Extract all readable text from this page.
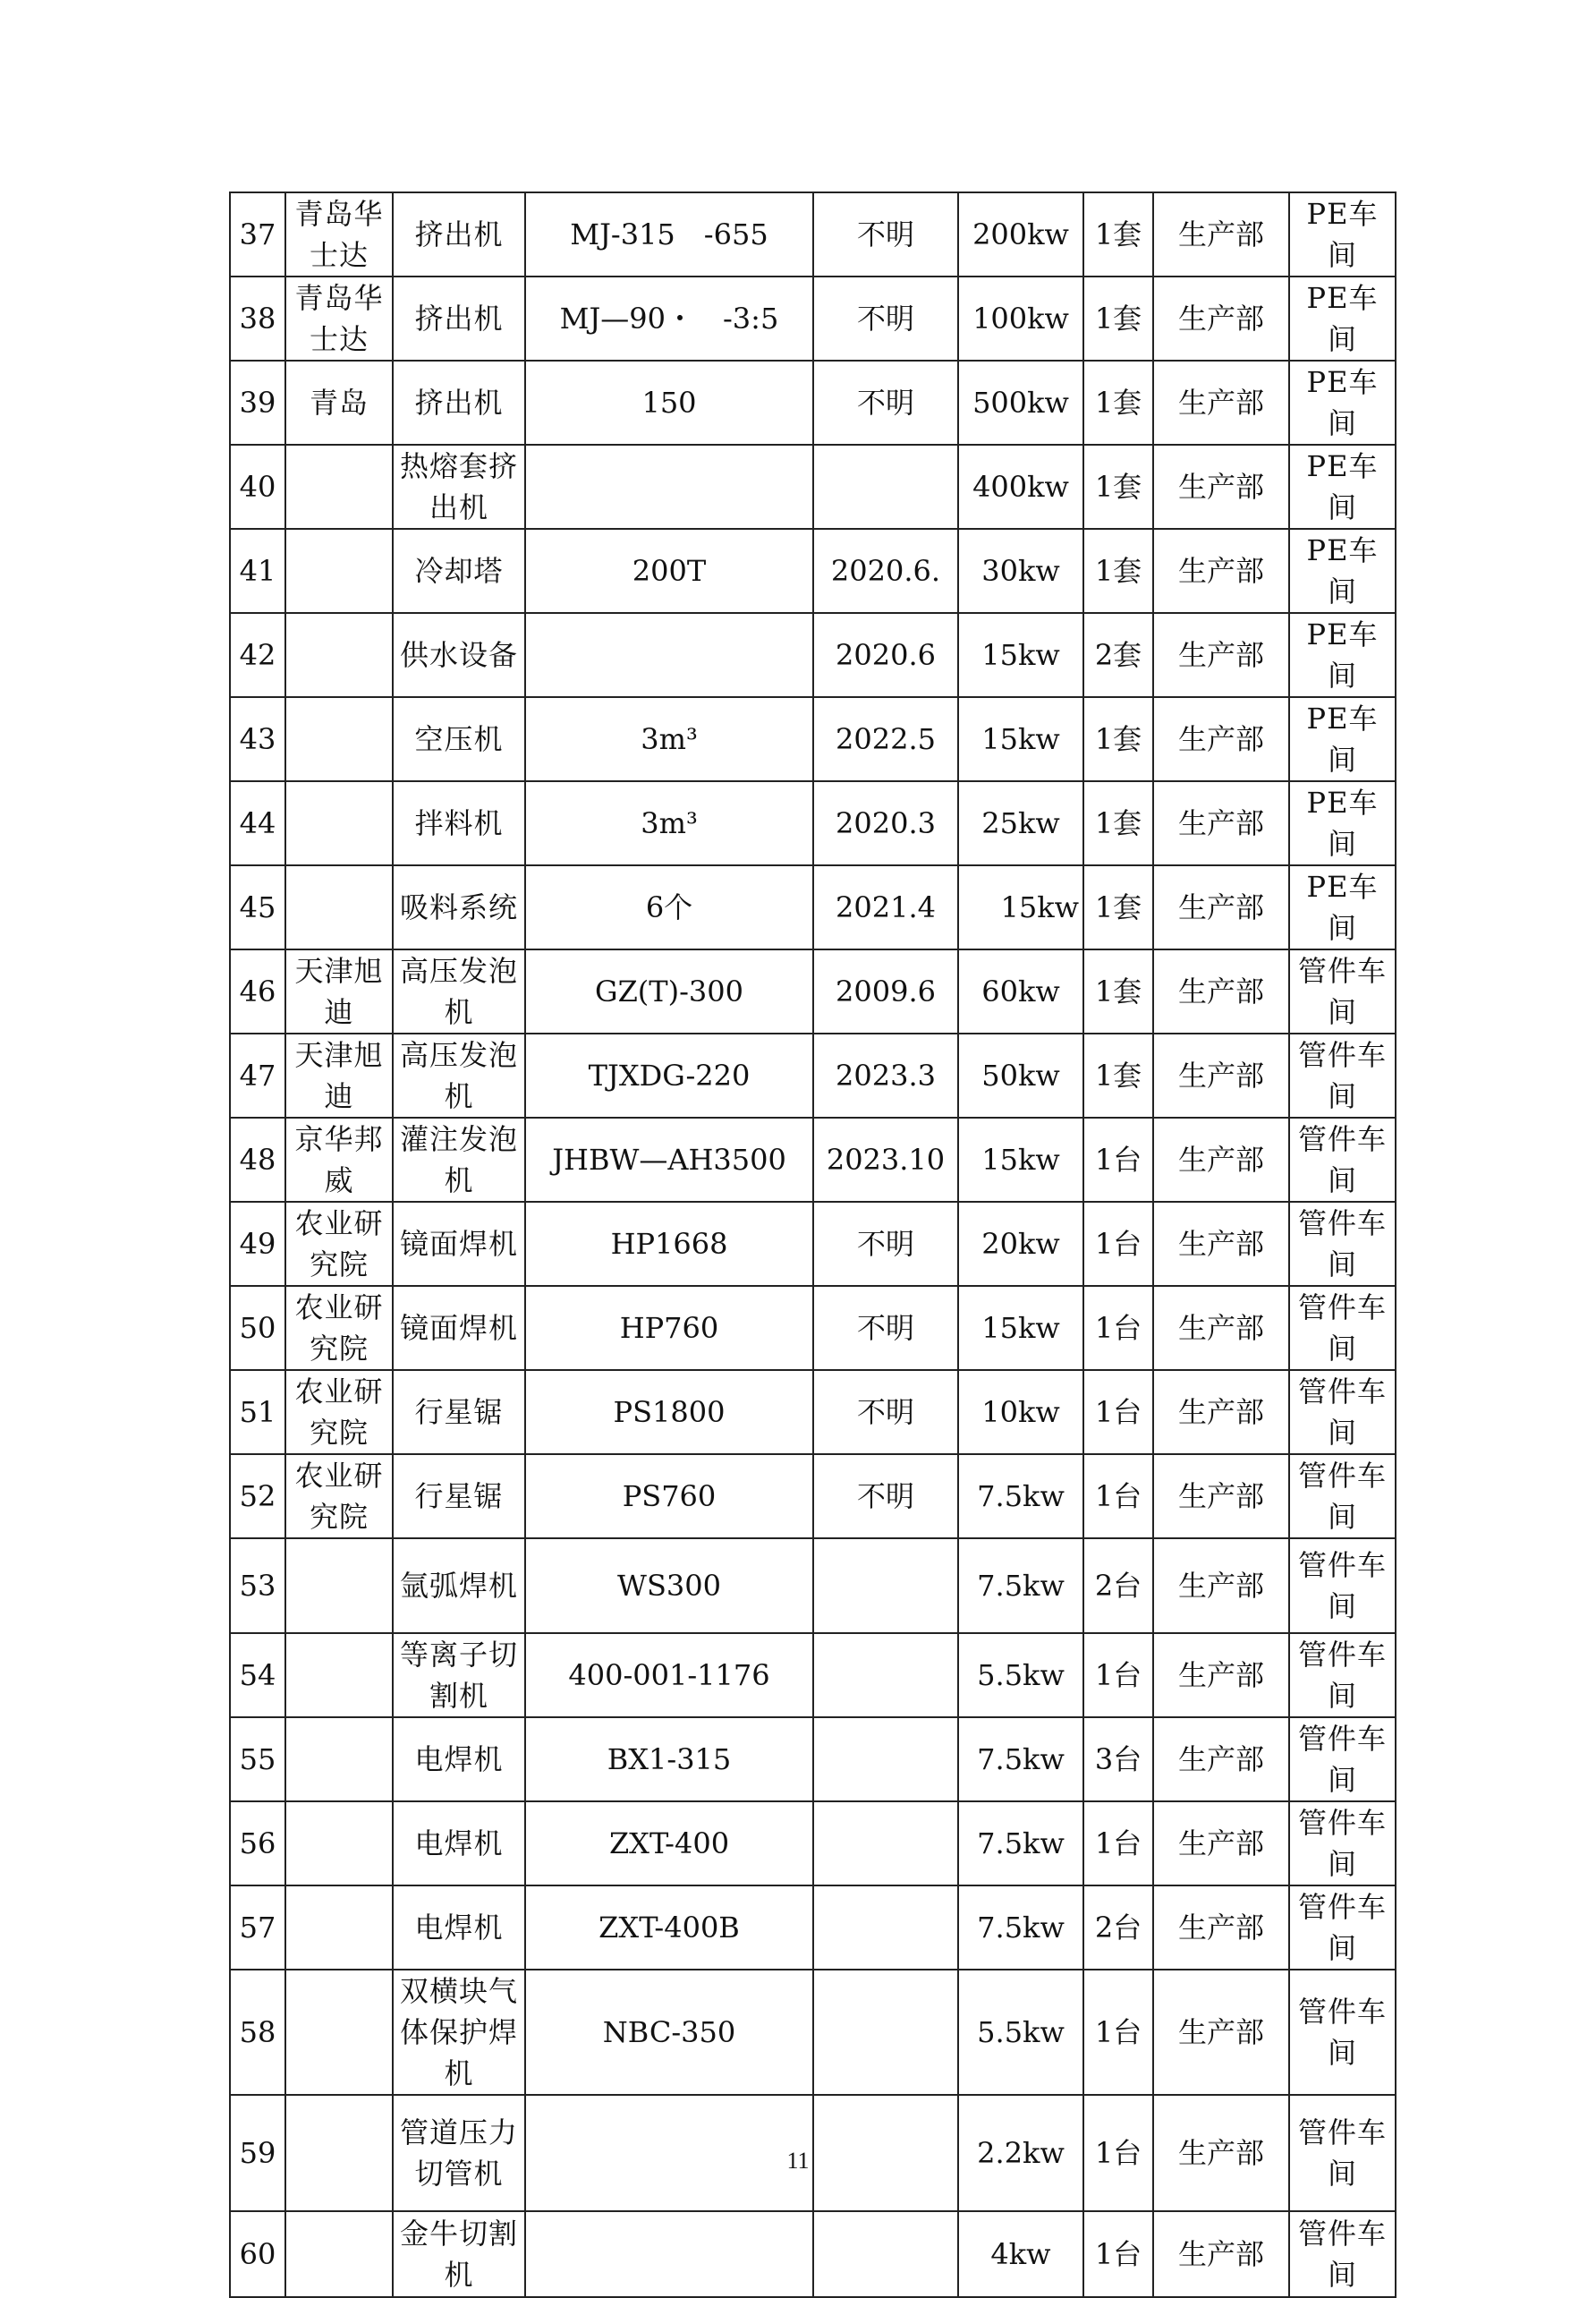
37	青岛华士达	挤出机	MJ-315　-655	不明	200kw	1套	生产部	PE车间
38	青岛华士达	挤出机	MJ—90・　-3:5	不明	100kw	1套	生产部	PE车间
39	青岛	挤出机	150	不明	500kw	1套	生产部	PE车间
40		热熔套挤出机			400kw	1套	生产部	PE车间
41		冷却塔	200T	2020.6.	30kw	1套	生产部	PE车间
42		供水设备		2020.6	15kw	2套	生产部	PE车间
43		空压机	3m³	2022.5	15kw	1套	生产部	PE车间
44		拌料机	3m³	2020.3	25kw	1套	生产部	PE车间
45		吸料系统	6个	2021.4	15kw	1套	生产部	PE车间
46	天津旭迪	高压发泡机	GZ(T)-300	2009.6	60kw	1套	生产部	管件车间
47	天津旭迪	高压发泡机	TJXDG-220	2023.3	50kw	1套	生产部	管件车间
48	京华邦威	灌注发泡机	JHBW—AH3500	2023.10	15kw	1台	生产部	管件车间
49	农业研究院	镜面焊机	HP1668	不明	20kw	1台	生产部	管件车间
50	农业研究院	镜面焊机	HP760	不明	15kw	1台	生产部	管件车间
51	农业研究院	行星锯	PS1800	不明	10kw	1台	生产部	管件车间
52	农业研究院	行星锯	PS760	不明	7.5kw	1台	生产部	管件车间
53		氩弧焊机	WS300		7.5kw	2台	生产部	管件车间
54		等离子切割机	400-001-1176		5.5kw	1台	生产部	管件车间
55		电焊机	BX1-315		7.5kw	3台	生产部	管件车间
56		电焊机	ZXT-400		7.5kw	1台	生产部	管件车间
57		电焊机	ZXT-400B		7.5kw	2台	生产部	管件车间
58		双横块气体保护焊机	NBC-350		5.5kw	1台	生产部	管件车间
59		管道压力切管机			2.2kw	1台	生产部	管件车间
60		金牛切割机			4kw	1台	生产部	管件车间
11
